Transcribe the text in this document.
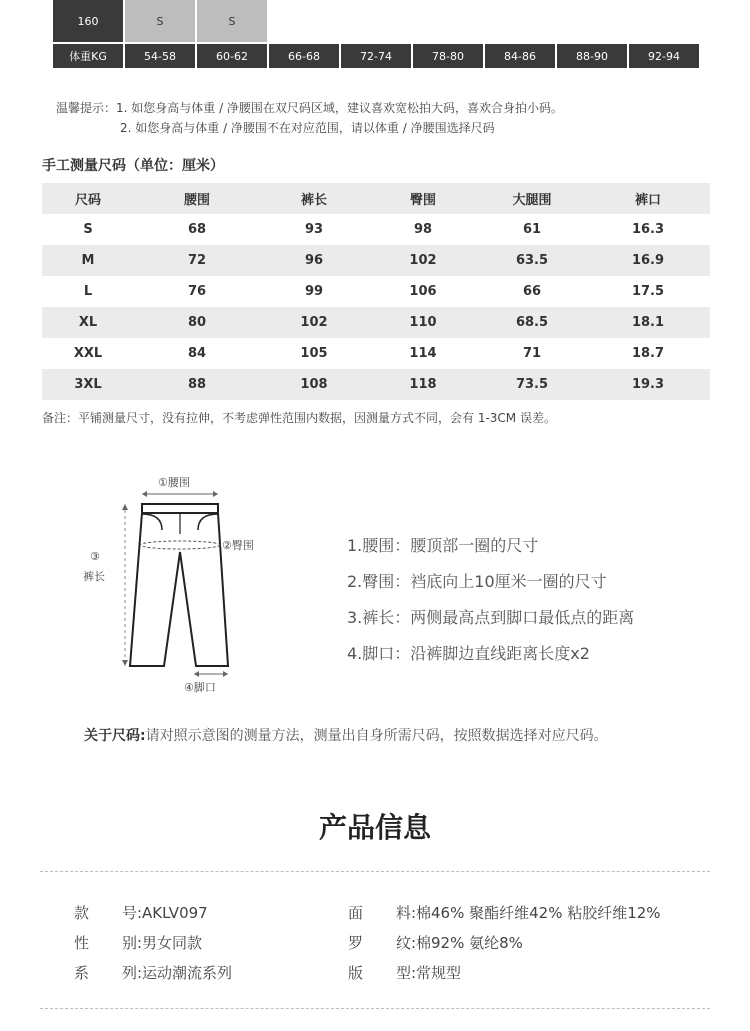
160	S	S
体重KG	54-58	60-62	66-68	72-74	78-80	84-86	88-90	92-94
温馨提示：1. 如您身高与体重 / 净腰围在双尺码区域，建议喜欢宽松拍大码，喜欢合身拍小码。
2. 如您身高与体重 / 净腰围不在对应范围，请以体重 / 净腰围选择尺码
手工测量尺码（单位：厘米）
尺码	腰围	裤长	臀围	大腿围	裤口
S	68	93	98	61	16.3
M	72	96	102	63.5	16.9
L	76	99	106	66	17.5
XL	80	102	110	68.5	18.1
XXL	84	105	114	71	18.7
3XL	88	108	118	73.5	19.3
备注：平铺测量尺寸，没有拉伸，不考虑弹性范围内数据，因测量方式不同，会有 1-3CM 误差。
①腰围
②臀围
③
裤长
④脚口
1.腰围：腰顶部一圈的尺寸
2.臀围：裆底向上10厘米一圈的尺寸
3.裤长：两侧最高点到脚口最低点的距离
4.脚口：沿裤脚边直线距离长度x2
关于尺码:请对照示意图的测量方法，测量出自身所需尺码，按照数据选择对应尺码。
产品信息
款 号: AKLV097
性 别: 男女同款
系 列: 运动潮流系列
面 料: 棉46% 聚酯纤维42% 粘胶纤维12%
罗 纹: 棉92% 氨纶8%
版 型: 常规型
